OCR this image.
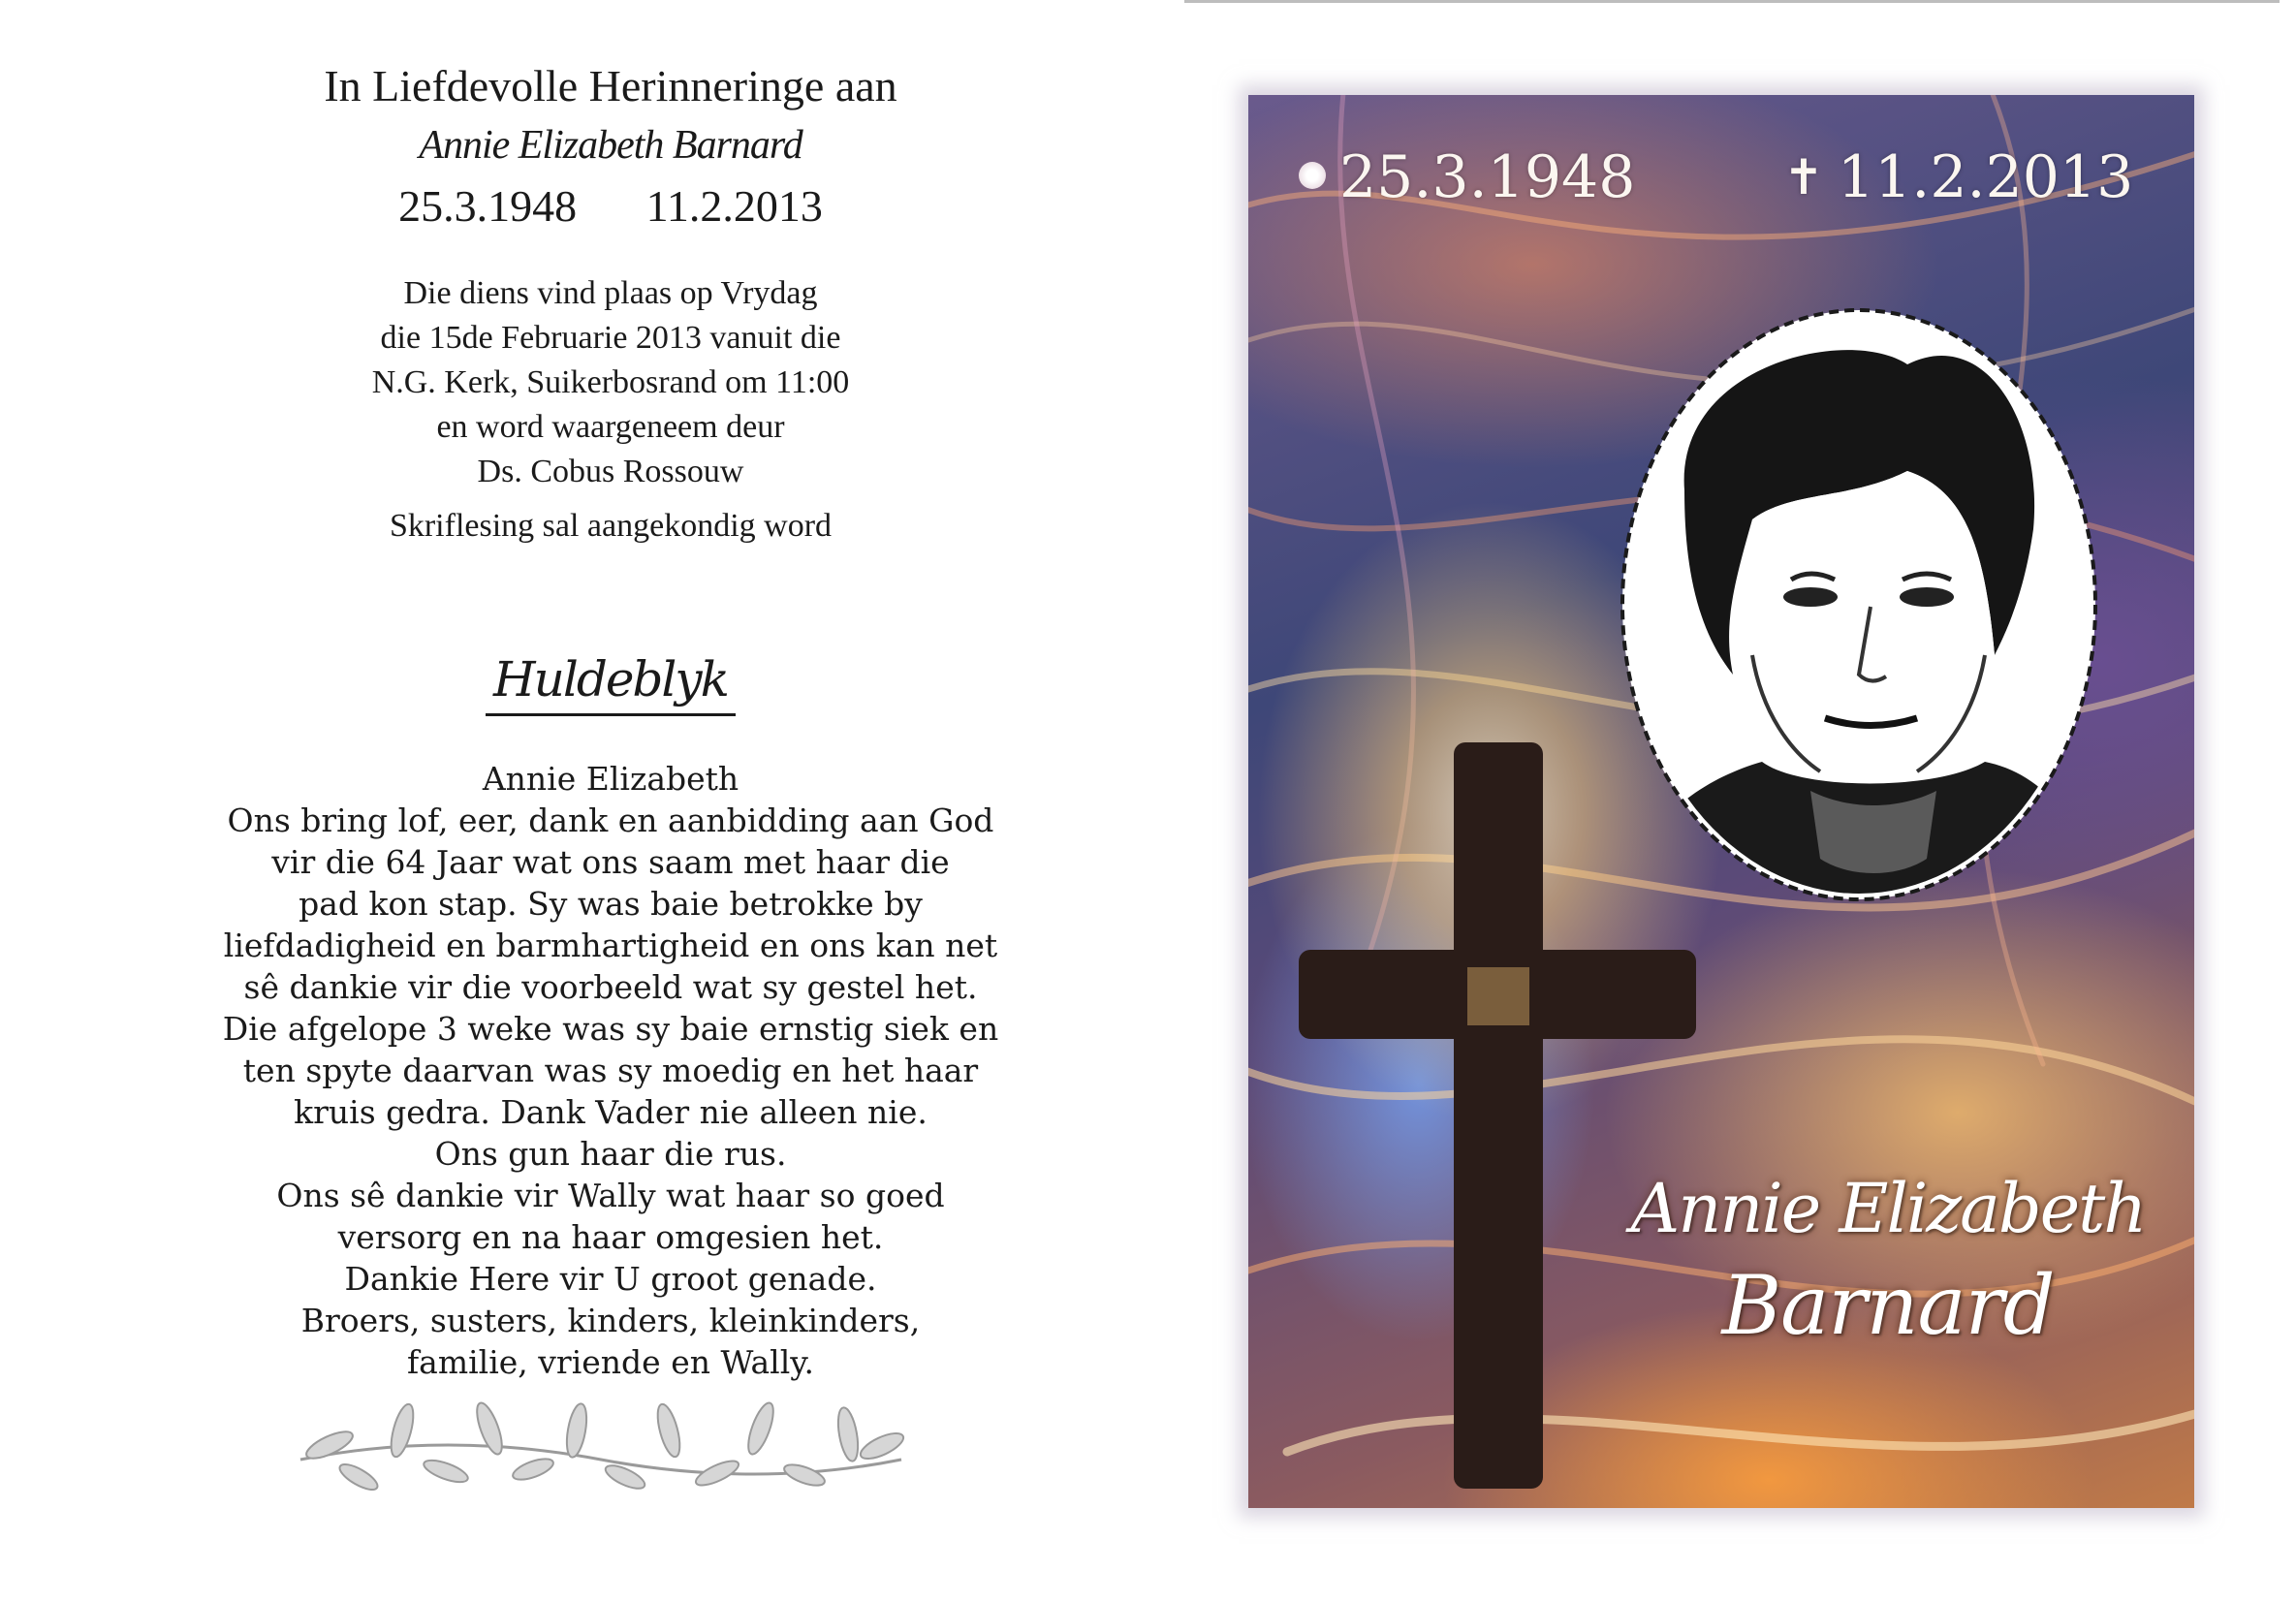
In Liefdevolle Herinneringe aan
Annie Elizabeth Barnard
25.3.1948 11.2.2013
Die diens vind plaas op Vrydag
die 15de Februarie 2013 vanuit die
N.G. Kerk, Suikerbosrand om 11:00
en word waargeneem deur
Ds. Cobus Rossouw
Skriflesing sal aangekondig word
Huldeblyk
Annie Elizabeth
Ons bring lof, eer, dank en aanbidding aan God
vir die 64 Jaar wat ons saam met haar die
pad kon stap. Sy was baie betrokke by
liefdadigheid en barmhartigheid en ons kan net
sê dankie vir die voorbeeld wat sy gestel het.
Die afgelope 3 weke was sy baie ernstig siek en
ten spyte daarvan was sy moedig en het haar
kruis gedra. Dank Vader nie alleen nie.
Ons gun haar die rus.
Ons sê dankie vir Wally wat haar so goed
versorg en na haar omgesien het.
Dankie Here vir U groot genade.
Broers, susters, kinders, kleinkinders,
familie, vriende en Wally.
25.3.1948	✝ 11.2.2013
Annie Elizabeth
Barnard
